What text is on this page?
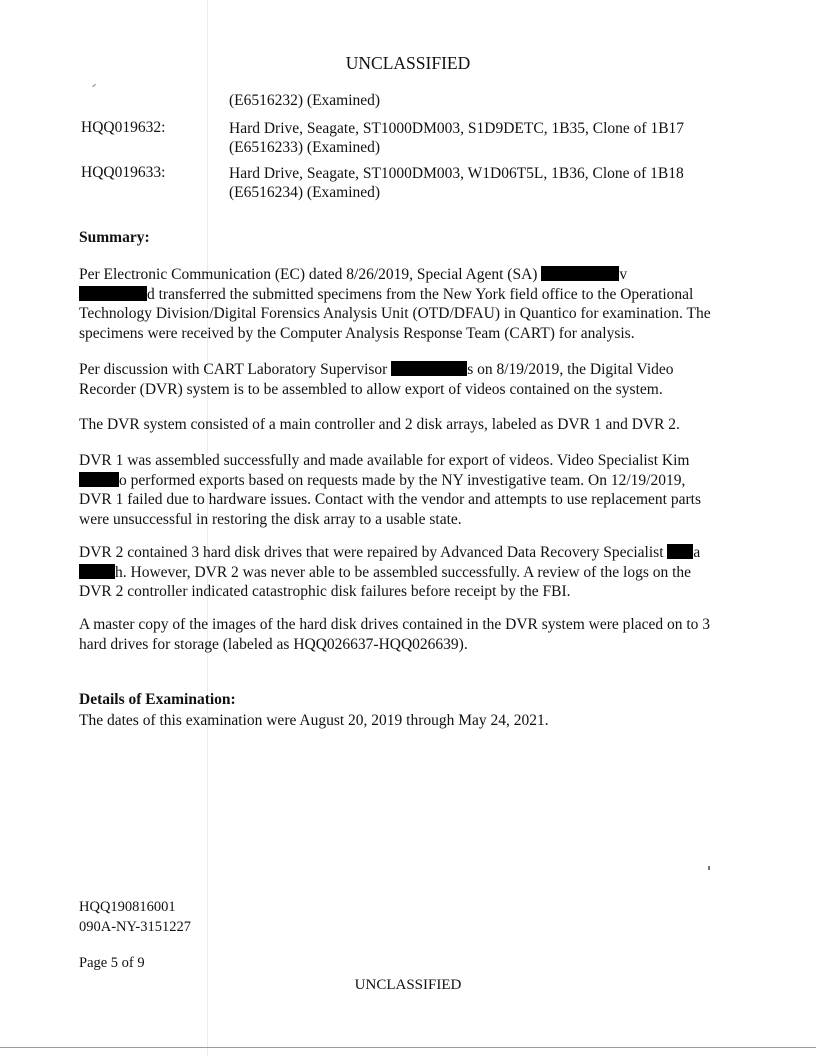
UNCLASSIFIED
(E6516232) (Examined)
HQQ019632:	Hard Drive, Seagate, ST1000DM003, S1D9DETC, 1B35, Clone of 1B17
(E6516233) (Examined)
HQQ019633:	Hard Drive, Seagate, ST1000DM003, W1D06T5L, 1B36, Clone of 1B18
(E6516234) (Examined)
Summary:
Per Electronic Communication (EC) dated 8/26/2019, Special Agent (SA)	v
d transferred the submitted specimens from the New York field office to the Operational
Technology Division/Digital Forensics Analysis Unit (OTD/DFAU) in Quantico for examination. The
specimens were received by the Computer Analysis Response Team (CART) for analysis.
Per discussion with CART Laboratory Supervisor	s on 8/19/2019, the Digital Video
Recorder (DVR) system is to be assembled to allow export of videos contained on the system.
The DVR system consisted of a main controller and 2 disk arrays, labeled as DVR 1 and DVR 2.
DVR 1 was assembled successfully and made available for export of videos. Video Specialist Kim
o performed exports based on requests made by the NY investigative team. On 12/19/2019,
DVR 1 failed due to hardware issues. Contact with the vendor and attempts to use replacement parts
were unsuccessful in restoring the disk array to a usable state.
DVR 2 contained 3 hard disk drives that were repaired by Advanced Data Recovery Specialist a
h. However, DVR 2 was never able to be assembled successfully. A review of the logs on the
DVR 2 controller indicated catastrophic disk failures before receipt by the FBI.
A master copy of the images of the hard disk drives contained in the DVR system were placed on to 3
hard drives for storage (labeled as HQQ026637-HQQ026639).
Details of Examination:
The dates of this examination were August 20, 2019 through May 24, 2021.
HQQ190816001
090A-NY-3151227
Page 5 of 9
UNCLASSIFIED
